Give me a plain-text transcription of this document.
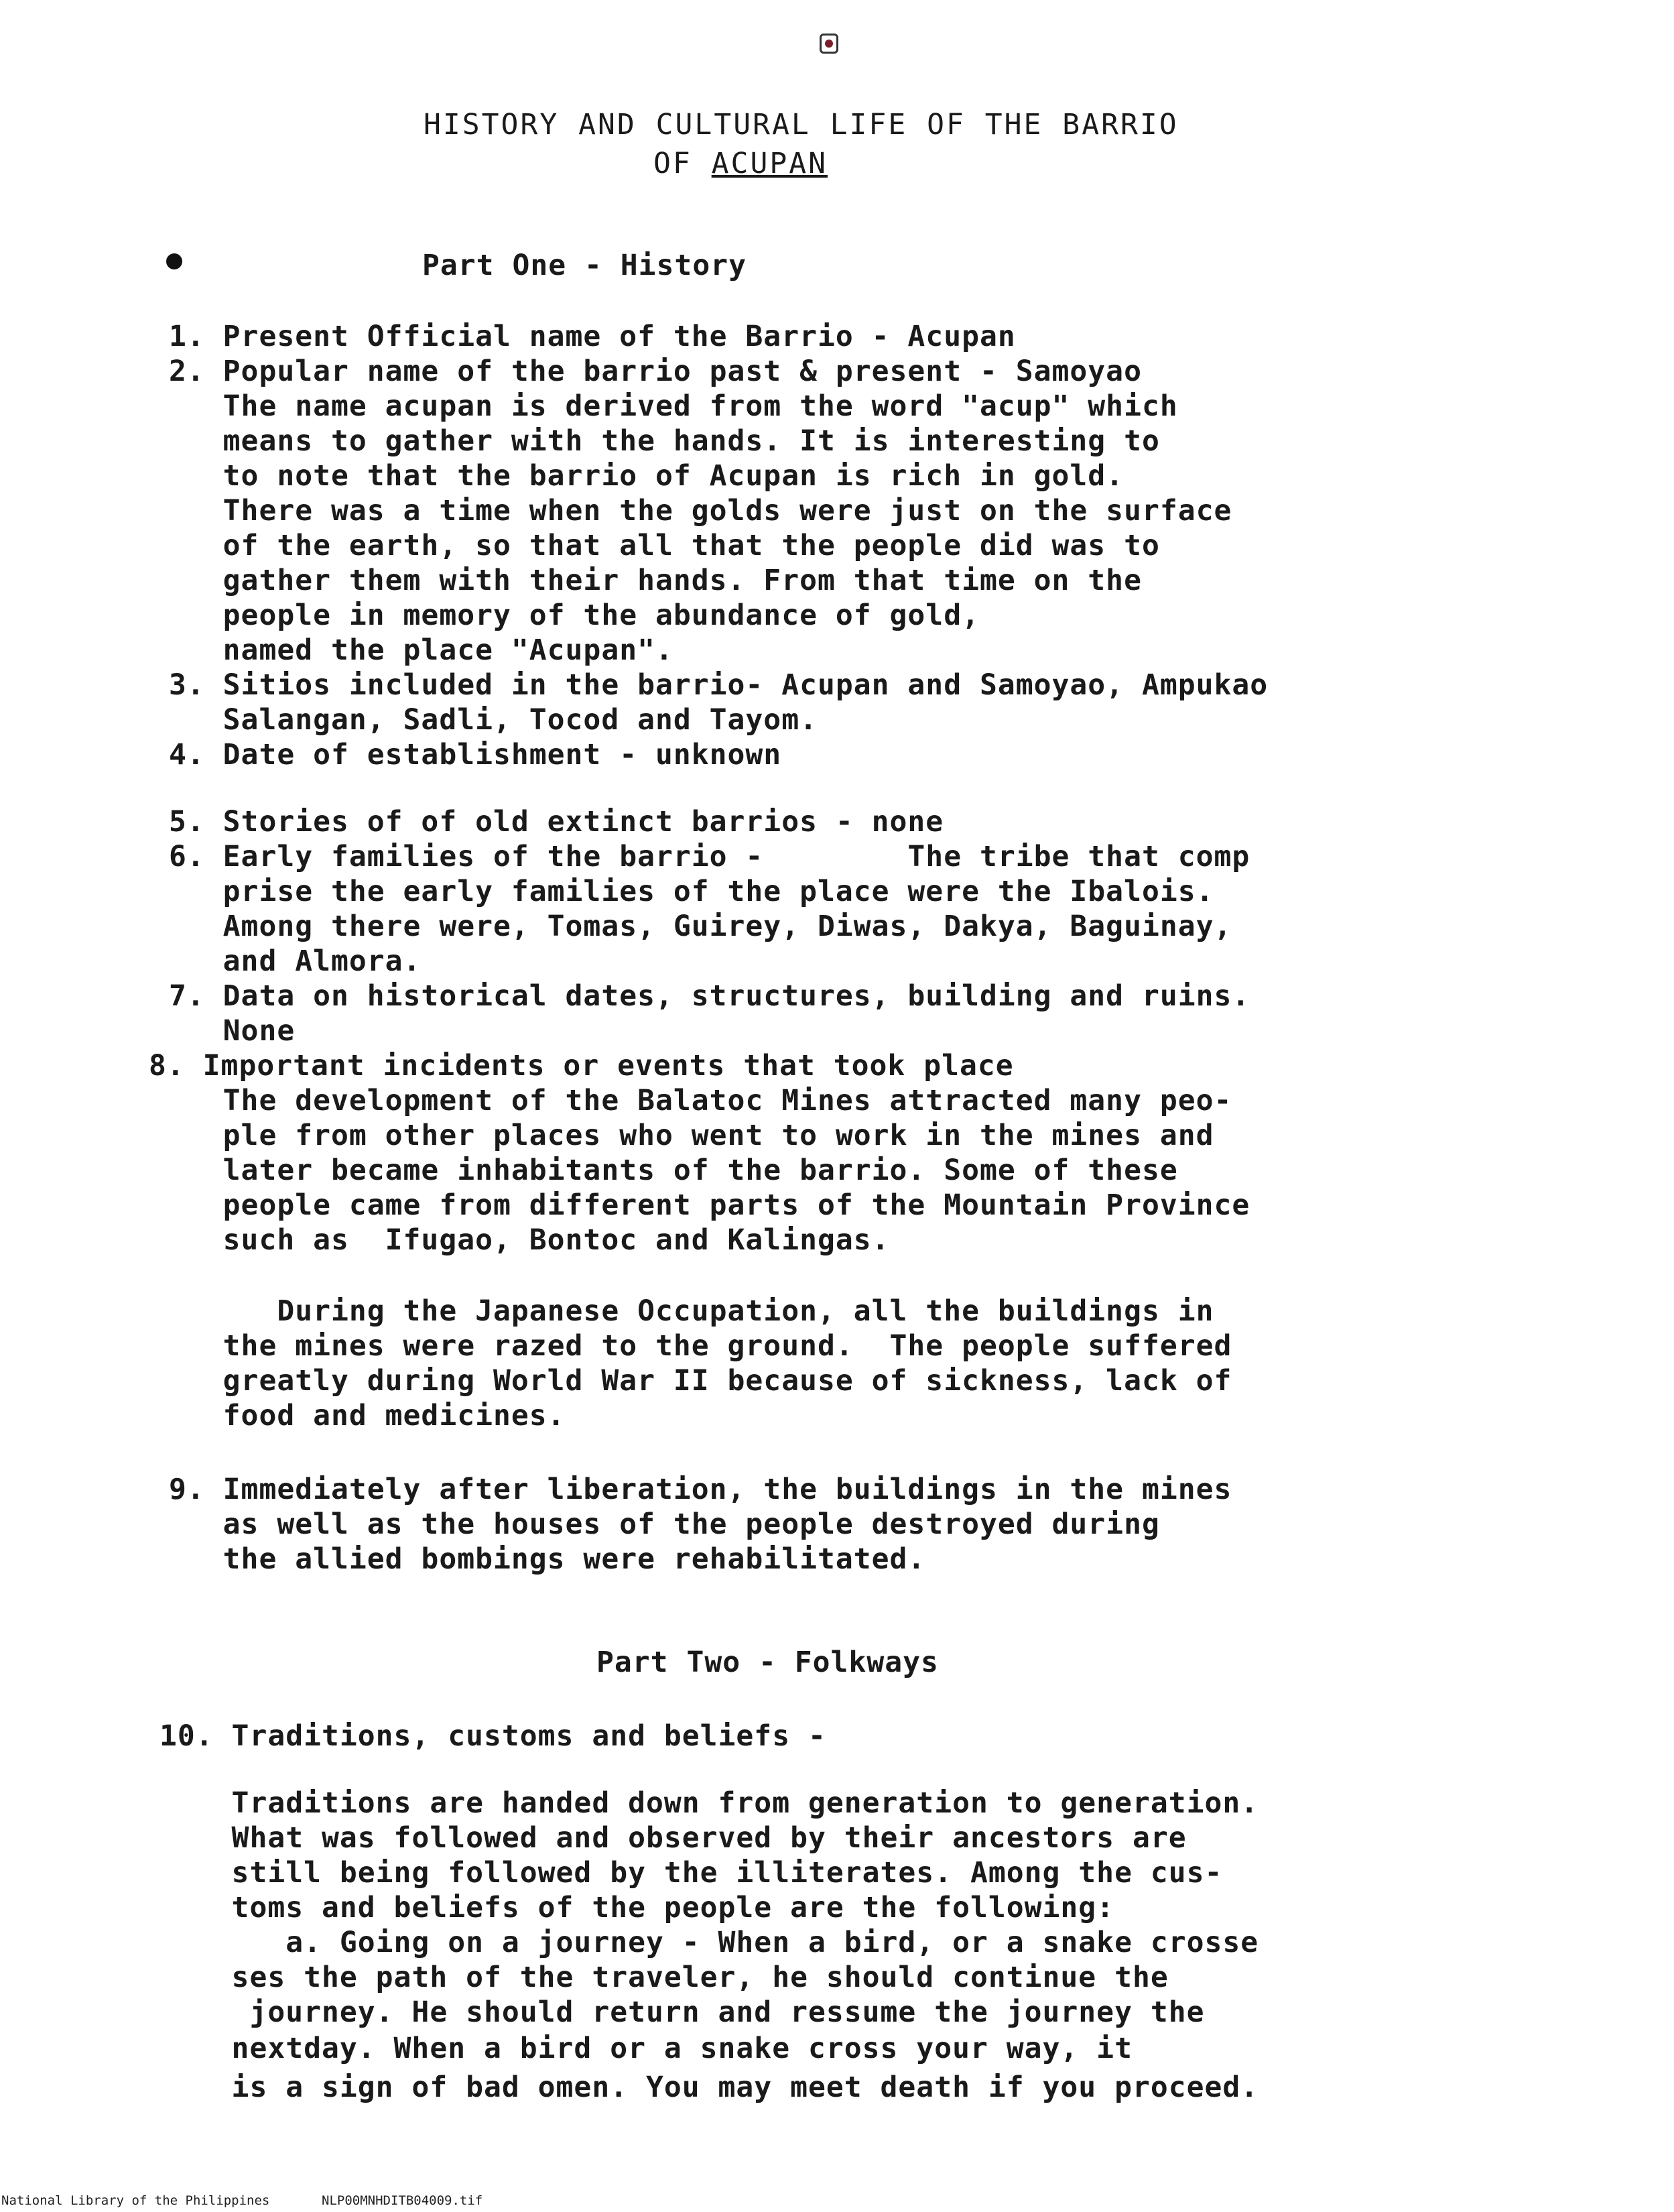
HISTORY AND CULTURAL LIFE OF THE BARRIO
OF ACUPAN
Part One - History
1. Present Official name of the Barrio - Acupan
2. Popular name of the barrio past & present - Samoyao
The name acupan is derived from the word "acup" which
means to gather with the hands. It is interesting to
to note that the barrio of Acupan is rich in gold.
There was a time when the golds were just on the surface
of the earth, so that all that the people did was to
gather them with their hands. From that time on the
people in memory of the abundance of gold,
named the place "Acupan".
3. Sitios included in the barrio- Acupan and Samoyao, Ampukao
Salangan, Sadli, Tocod and Tayom.
4. Date of establishment - unknown
5. Stories of of old extinct barrios - none
6. Early families of the barrio -        The tribe that comp
prise the early families of the place were the Ibalois.
Among there were, Tomas, Guirey, Diwas, Dakya, Baguinay,
and Almora.
7. Data on historical dates, structures, building and ruins.
None
8. Important incidents or events that took place
The development of the Balatoc Mines attracted many peo-
ple from other places who went to work in the mines and
later became inhabitants of the barrio. Some of these
people came from different parts of the Mountain Province
such as  Ifugao, Bontoc and Kalingas.
During the Japanese Occupation, all the buildings in
the mines were razed to the ground.  The people suffered
greatly during World War II because of sickness, lack of
food and medicines.
9. Immediately after liberation, the buildings in the mines
as well as the houses of the people destroyed during
the allied bombings were rehabilitated.
Part Two - Folkways
10. Traditions, customs and beliefs -
Traditions are handed down from generation to generation.
What was followed and observed by their ancestors are
still being followed by the illiterates. Among the cus-
toms and beliefs of the people are the following:
a. Going on a journey - When a bird, or a snake crosse
ses the path of the traveler, he should continue the
journey. He should return and ressume the journey the
nextday. When a bird or a snake cross your way, it
is a sign of bad omen. You may meet death if you proceed.
National Library of the Philippines	NLP00MNHDITB04009.tif
